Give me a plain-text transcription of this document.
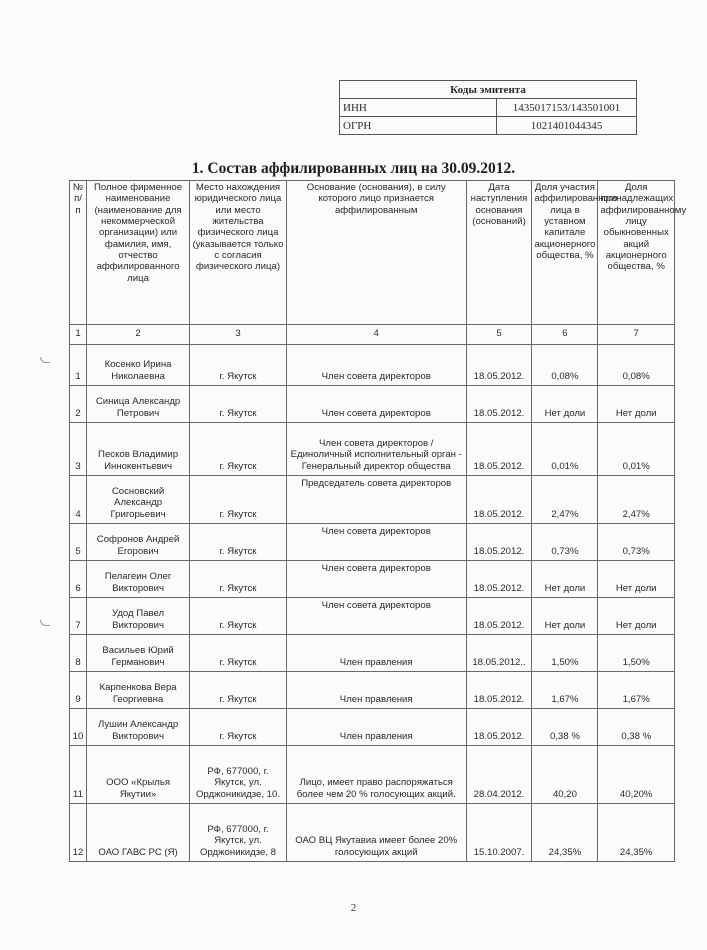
Коды эмитента	
ИНН	1435017153/143501001
ОГРН	1021401044345
1. Состав аффилированных лиц на 30.09.2012.
№ п/п	Полное фирменное наименование (наименование для некоммерческой организации) или фамилия, имя, отчество аффилированного лица	Место нахождения юридического лица или место жительства физического лица (указывается только с согласия физического лица)	Основание (основания), в силу которого лицо признается аффилированным	Дата наступления основания (оснований)	Доля участия аффилированного лица в уставном капитале акционерного общества, %	Доля принадлежащих аффилированному лицу обыкновенных акций акционерного общества, %
1	2	3	4	5	6	7
1	Косенко Ирина Николаевна	г. Якутск	Член совета директоров	18.05.2012.	0,08%	0,08%
2	Синица Александр Петрович	г. Якутск	Член совета директоров	18.05.2012.	Нет доли	Нет доли
3	Песков Владимир Иннокентьевич	г. Якутск	Член совета директоров / Единоличный исполнительный орган - Генеральный директор общества	18.05.2012.	0,01%	0,01%
4	Сосновский Александр Григорьевич	г. Якутск	Председатель совета директоров	18.05.2012.	2,47%	2,47%
5	Софронов Андрей Егорович	г. Якутск	Член совета директоров	18.05.2012.	0,73%	0,73%
6	Пелагеин Олег Викторович	г. Якутск	Член совета директоров	18.05.2012.	Нет доли	Нет доли
7	Удод Павел Викторович	г. Якутск	Член совета директоров	18.05.2012.	Нет доли	Нет доли
8	Васильев Юрий Германович	г. Якутск	Член правления	18.05.2012..	1,50%	1,50%
9	Карпенкова Вера Георгиевна	г. Якутск	Член правления	18.05.2012.	1,67%	1,67%
10	Лушин Александр Викторович	г. Якутск	Член правления	18.05.2012.	0,38 %	0,38 %
11	ООО «Крылья Якутии»	РФ, 677000, г. Якутск, ул. Орджоникидзе, 10.	Лицо, имеет право распоряжаться более чем 20 % голосующих акций.	28.04.2012.	40,20	40,20%
12	ОАО ГАВС РС (Я)	РФ, 677000, г. Якутск, ул. Орджоникидзе, 8	ОАО ВЦ Якутавиа имеет более 20% голосующих акций	15.10.2007.	24,35%	24,35%
2
